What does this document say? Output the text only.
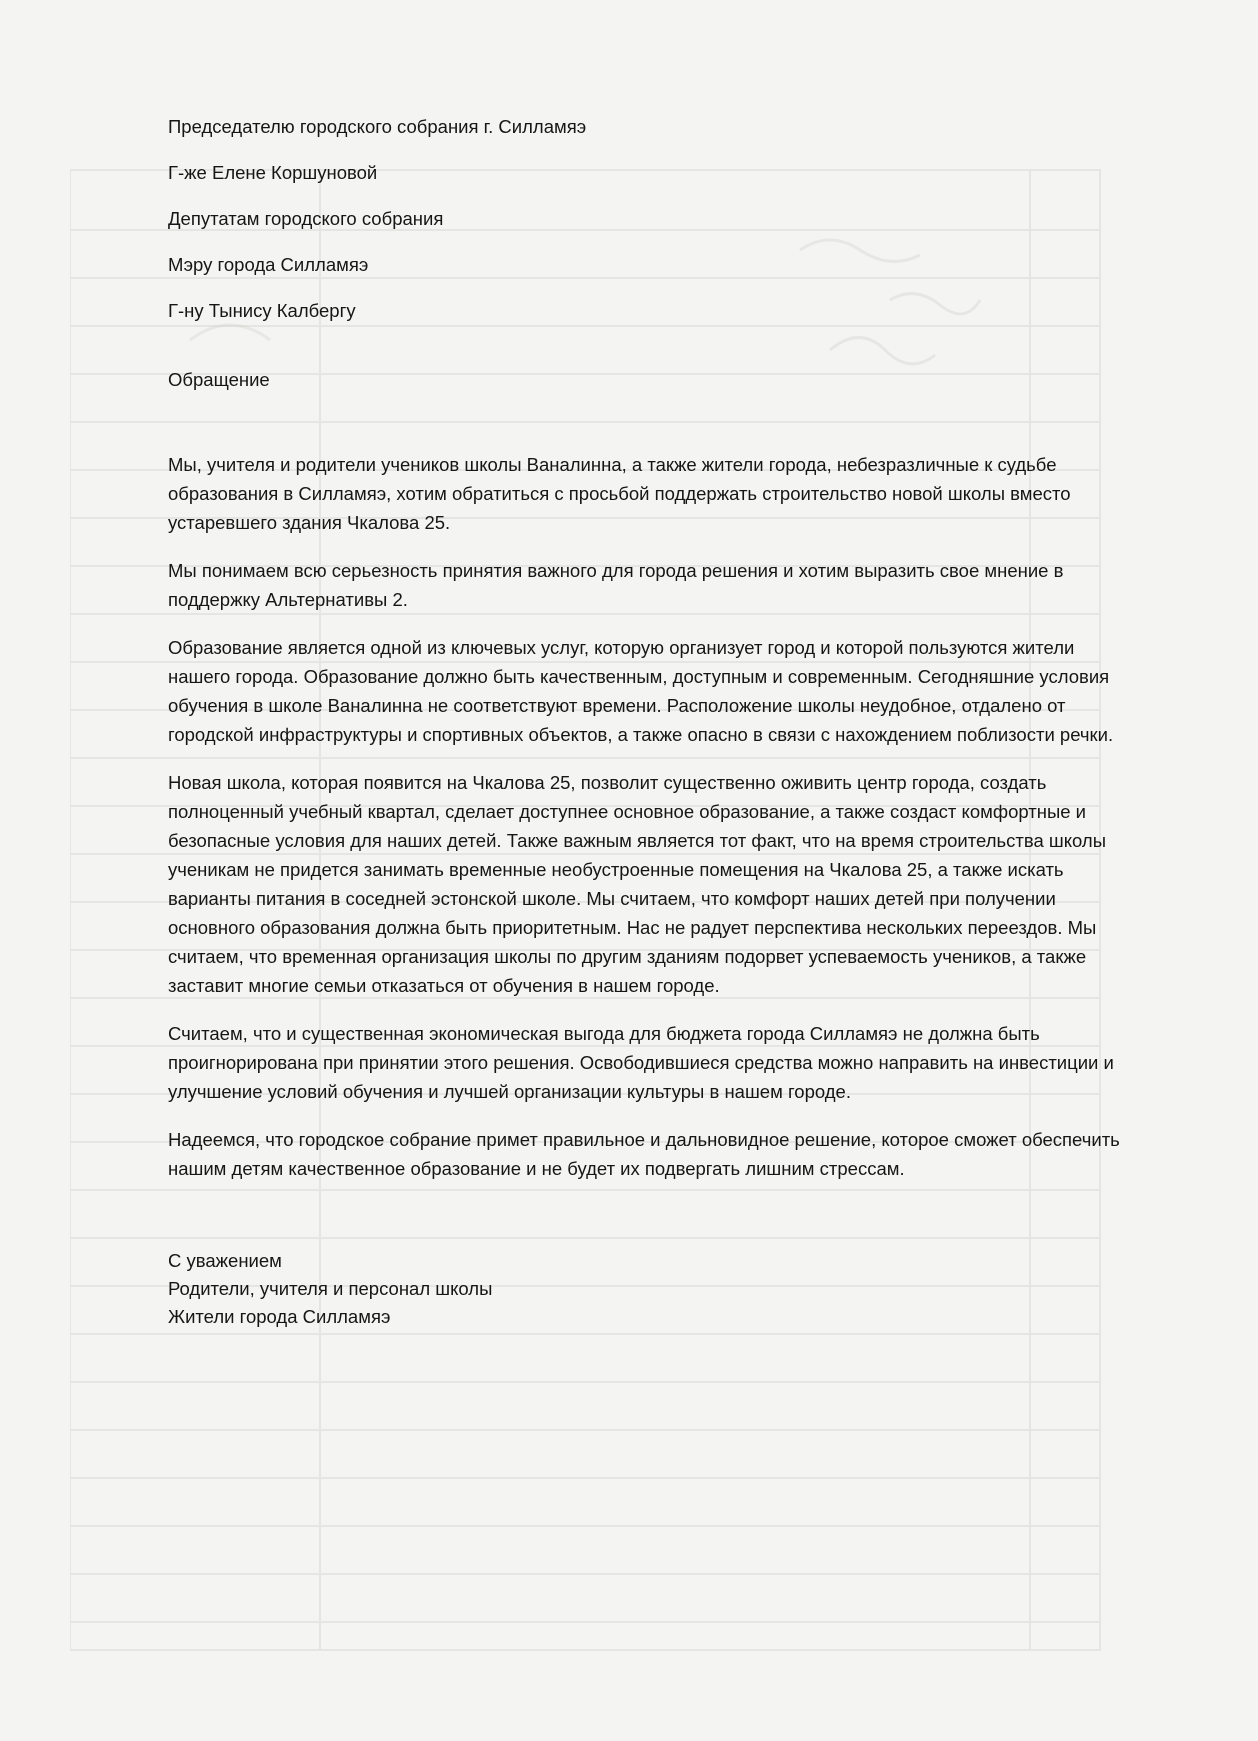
Председателю городского собрания г. Силламяэ
Г-же Елене Коршуновой
Депутатам городского собрания
Мэру города Силламяэ
Г-ну Тынису Калбергу
Обращение

Мы, учителя и родители учеников школы Ваналинна, а также жители города, небезразличные к судьбе образования в Силламяэ, хотим обратиться с просьбой поддержать строительство новой школы вместо устаревшего здания Чкалова 25.

Мы понимаем всю серьезность принятия важного для города решения и хотим выразить свое мнение в поддержку Альтернативы 2.

Образование является одной из ключевых услуг, которую организует город и которой пользуются жители нашего города. Образование должно быть качественным, доступным и современным. Сегодняшние условия обучения в школе Ваналинна не соответствуют времени. Расположение школы неудобное, отдалено от городской инфраструктуры и спортивных объектов, а также опасно в связи с нахождением поблизости речки.

Новая школа, которая появится на Чкалова 25, позволит существенно оживить центр города, создать полноценный учебный квартал, сделает доступнее основное образование, а также создаст комфортные и безопасные условия для наших детей. Также важным является тот факт, что на время строительства школы ученикам не придется занимать временные необустроенные помещения на Чкалова 25, а также искать варианты питания в соседней эстонской школе. Мы считаем, что комфорт наших детей при получении основного образования должна быть приоритетным. Нас не радует перспектива нескольких переездов. Мы считаем, что временная организация школы по другим зданиям подорвет успеваемость учеников, а также заставит многие семьи отказаться от обучения в нашем городе.

Считаем, что и существенная экономическая выгода для бюджета города Силламяэ не должна быть проигнорирована при принятии этого решения. Освободившиеся средства можно направить на инвестиции и улучшение условий обучения и лучшей организации культуры в нашем городе.

Надеемся, что городское собрание примет правильное и дальновидное решение, которое сможет обеспечить нашим детям качественное образование и не будет их подвергать лишним стрессам.

С уважением
Родители, учителя и персонал школы
Жители города Силламяэ
